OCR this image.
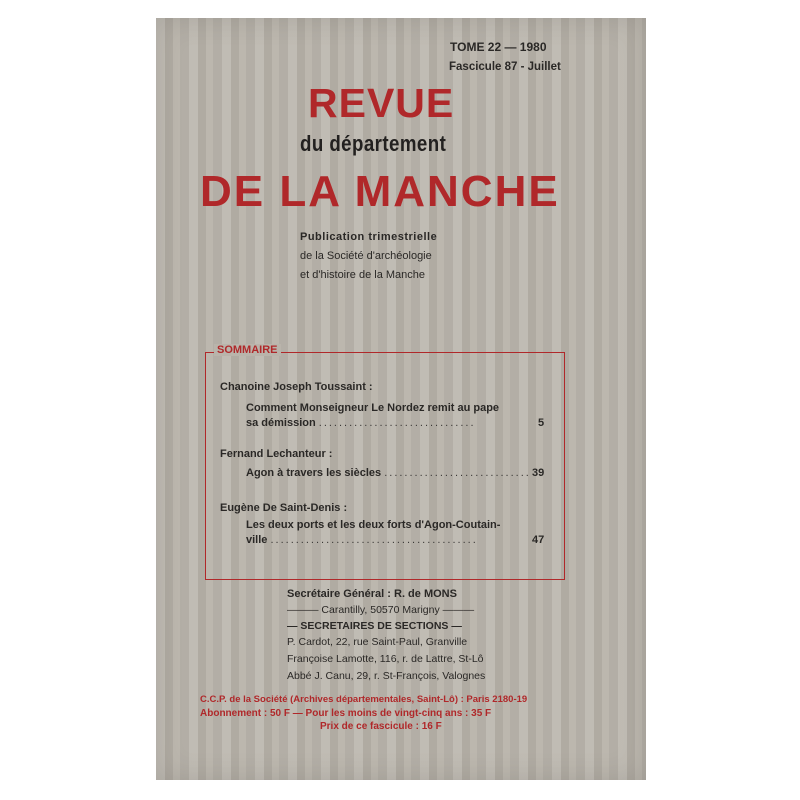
TOME 22 — 1980
Fascicule 87 - Juillet
REVUE
du département
DE LA MANCHE
Publication trimestrielle
de la Société d'archéologie
et d'histoire de la Manche
SOMMAIRE
Chanoine Joseph Toussaint :
Comment Monseigneur Le Nordez remit au pape
sa démission ...............................	5
Fernand Lechanteur :
Agon à travers les siècles ............................. 39
Eugène De Saint-Denis :
Les deux ports et les deux forts d'Agon-Coutain-
ville .........................................	47
Secrétaire Général : R. de MONS
——— Carantilly, 50570 Marigny ———
— SECRETAIRES DE SECTIONS —
P. Cardot, 22, rue Saint-Paul, Granville
Françoise Lamotte, 116, r. de Lattre, St-Lô
Abbé J. Canu, 29, r. St-François, Valognes
C.C.P. de la Société (Archives départementales, Saint-Lô) : Paris 2180-19
Abonnement : 50 F — Pour les moins de vingt-cinq ans : 35 F
Prix de ce fascicule : 16 F
